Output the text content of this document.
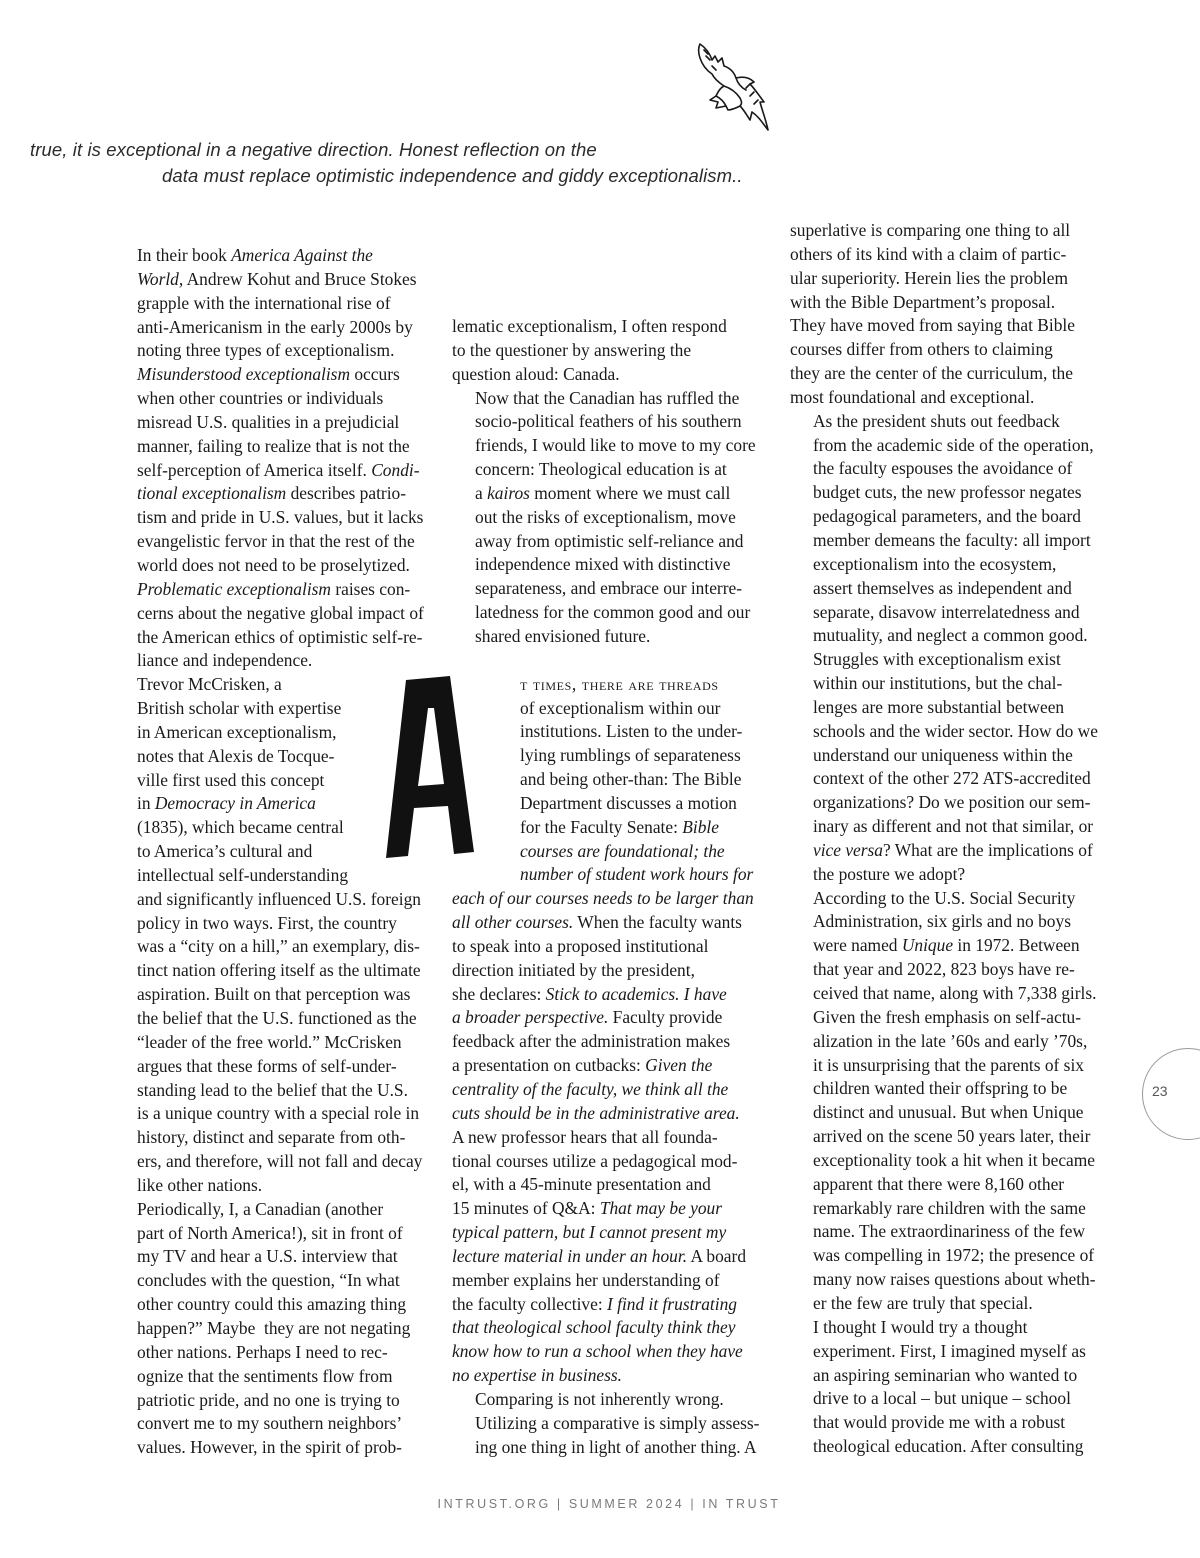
true, it is exceptional in a negative direction. Honest reflection on the
data must replace optimistic independence and giddy exceptionalism..

In their book America Against the
World, Andrew Kohut and Bruce Stokes
grapple with the international rise of
anti-Americanism in the early 2000s by
noting three types of exceptionalism.

Misunderstood exceptionalism occurs
when other countries or individuals
misread U.S. qualities in a prejudicial
manner, failing to realize that is not the
self-perception of America itself. Condi-
tional exceptionalism describes patrio-
tism and pride in U.S. values, but it lacks
evangelistic fervor in that the rest of the
world does not need to be proselytized.
Problematic exceptionalism raises con-
cerns about the negative global impact of
the American ethics of optimistic self-re-
liance and independence.

Trevor McCrisken, a
British scholar with expertise
in American exceptionalism,
notes that Alexis de Tocque-
ville first used this concept
in Democracy in America
(1835), which became central
to America’s cultural and
intellectual self-understanding
and significantly influenced U.S. foreign
policy in two ways. First, the country
was a “city on a hill,” an exemplary, dis-
tinct nation offering itself as the ultimate
aspiration. Built on that perception was
the belief that the U.S. functioned as the
“leader of the free world.” McCrisken
argues that these forms of self-under-
standing lead to the belief that the U.S.
is a unique country with a special role in
history, distinct and separate from oth-
ers, and therefore, will not fall and decay
like other nations.

Periodically, I, a Canadian (another
part of North America!), sit in front of
my TV and hear a U.S. interview that
concludes with the question, “In what
other country could this amazing thing
happen?” Maybe  they are not negating
other nations. Perhaps I need to rec-
ognize that the sentiments flow from
patriotic pride, and no one is trying to
convert me to my southern neighbors’
values. However, in the spirit of prob-

lematic exceptionalism, I often respond
to the questioner by answering the
question aloud: Canada.

Now that the Canadian has ruffled the
socio-political feathers of his southern
friends, I would like to move to my core
concern: Theological education is at
a kairos moment where we must call
out the risks of exceptionalism, move
away from optimistic self-reliance and
independence mixed with distinctive
separateness, and embrace our interre-
latedness for the common good and our
shared envisioned future.

t times, there are threads
of exceptionalism within our
institutions. Listen to the under-
lying rumblings of separateness
and being other-than: The Bible
Department discusses a motion
for the Faculty Senate: Bible
courses are foundational; the
number of student work hours for
each of our courses needs to be larger than
all other courses. When the faculty wants
to speak into a proposed institutional
direction initiated by the president,
she declares: Stick to academics. I have
a broader perspective. Faculty provide
feedback after the administration makes
a presentation on cutbacks: Given the
centrality of the faculty, we think all the
cuts should be in the administrative area.
A new professor hears that all founda-
tional courses utilize a pedagogical mod-
el, with a 45-minute presentation and
15 minutes of Q&A: That may be your
typical pattern, but I cannot present my
lecture material in under an hour. A board
member explains her understanding of
the faculty collective: I find it frustrating
that theological school faculty think they
know how to run a school when they have
no expertise in business.

Comparing is not inherently wrong.
Utilizing a comparative is simply assess-
ing one thing in light of another thing. A

superlative is comparing one thing to all
others of its kind with a claim of partic-
ular superiority. Herein lies the problem
with the Bible Department’s proposal.
They have moved from saying that Bible
courses differ from others to claiming
they are the center of the curriculum, the
most foundational and exceptional.

As the president shuts out feedback
from the academic side of the operation,
the faculty espouses the avoidance of
budget cuts, the new professor negates
pedagogical parameters, and the board
member demeans the faculty: all import
exceptionalism into the ecosystem,
assert themselves as independent and
separate, disavow interrelatedness and
mutuality, and neglect a common good.

Struggles with exceptionalism exist
within our institutions, but the chal-
lenges are more substantial between
schools and the wider sector. How do we
understand our uniqueness within the
context of the other 272 ATS-accredited
organizations? Do we position our sem-
inary as different and not that similar, or
vice versa? What are the implications of
the posture we adopt?

According to the U.S. Social Security
Administration, six girls and no boys
were named Unique in 1972. Between
that year and 2022, 823 boys have re-
ceived that name, along with 7,338 girls.
Given the fresh emphasis on self-actu-
alization in the late ’60s and early ’70s,
it is unsurprising that the parents of six
children wanted their offspring to be
distinct and unusual. But when Unique
arrived on the scene 50 years later, their
exceptionality took a hit when it became
apparent that there were 8,160 other
remarkably rare children with the same
name. The extraordinariness of the few
was compelling in 1972; the presence of
many now raises questions about wheth-
er the few are truly that special.

I thought I would try a thought
experiment. First, I imagined myself as
an aspiring seminarian who wanted to
drive to a local – but unique – school
that would provide me with a robust
theological education. After consulting

23
INTRUST.ORG | SUMMER 2024 | IN TRUST
